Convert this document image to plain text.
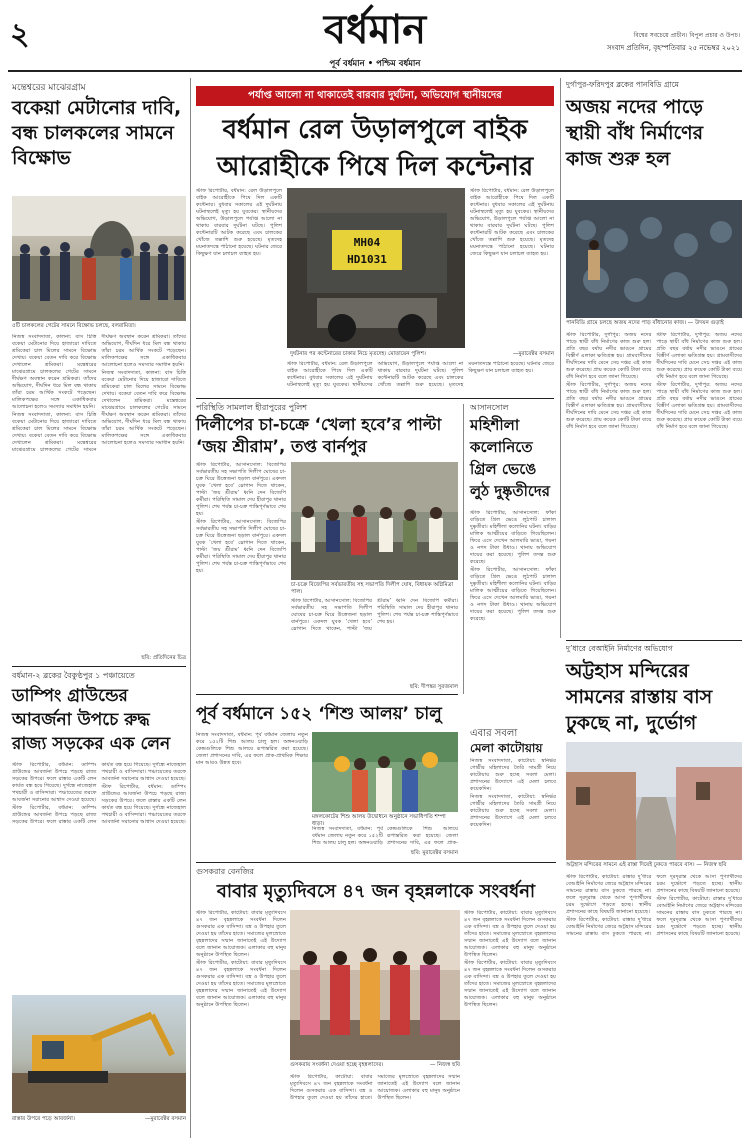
২	বর্ধমান
পূর্ব বর্ধমান • পশ্চিম বর্ধমান
বিশ্বের সবচেয়ে প্রাচীন। বিপুল প্রচার ও উপচ।
সংবাদ প্রতিদিন, বৃহস্পতিবার ২৫ নভেম্বর ২০২১
মন্তেশ্বরের মাঝেরগ্রাম
বকেয়া মেটানোর দাবি, বন্ধ চালকলের সামনে বিক্ষোভ
৫টি চালকলের গেটের সামনে বিক্ষোভ চলছে, বলরামিতা।

নিজস্ব সংবাদদাতা, কালনা: বাস চিত্তি বকেয়া মেটানোর দিয়ে হাজারো দাবিতে শ্রমিকেরা চাল মিলের সামনে বিক্ষোভ দেখায়। বকেয়া বেতন দাবি করে বিক্ষোভ দেখালেন শ্রমিকরা। মন্তেশ্বরের মাঝেরগ্রামে চালকলের গেটের সামনে দীর্ঘক্ষণ অবস্থান করেন শ্রমিকরা। তাঁদের অভিযোগ, দীর্ঘদিন ধরে মিল বন্ধ থাকায় তাঁরা চরম আর্থিক সংকটে পড়েছেন। মালিকপক্ষের সঙ্গে একাধিকবার আলোচনা হলেও সমস্যার সমাধান হয়নি।

নিজস্ব সংবাদদাতা, কালনা: বাস চিত্তি বকেয়া মেটানোর দিয়ে হাজারো দাবিতে শ্রমিকেরা চাল মিলের সামনে বিক্ষোভ দেখায়। বকেয়া বেতন দাবি করে বিক্ষোভ দেখালেন শ্রমিকরা। মন্তেশ্বরের মাঝেরগ্রামে চালকলের গেটের সামনে দীর্ঘক্ষণ অবস্থান করেন শ্রমিকরা। তাঁদের অভিযোগ, দীর্ঘদিন ধরে মিল বন্ধ থাকায় তাঁরা চরম আর্থিক সংকটে পড়েছেন। মালিকপক্ষের সঙ্গে একাধিকবার আলোচনা হলেও সমস্যার সমাধান হয়নি।

নিজস্ব সংবাদদাতা, কালনা: বাস চিত্তি বকেয়া মেটানোর দিয়ে হাজারো দাবিতে শ্রমিকেরা চাল মিলের সামনে বিক্ষোভ দেখায়। বকেয়া বেতন দাবি করে বিক্ষোভ দেখালেন শ্রমিকরা। মন্তেশ্বরের মাঝেরগ্রামে চালকলের গেটের সামনে দীর্ঘক্ষণ অবস্থান করেন শ্রমিকরা। তাঁদের অভিযোগ, দীর্ঘদিন ধরে মিল বন্ধ থাকায় তাঁরা চরম আর্থিক সংকটে পড়েছেন। মালিকপক্ষের সঙ্গে একাধিকবার আলোচনা হলেও সমস্যার সমাধান হয়নি।

ছবি: প্রতিদিনের চিত্র
বর্ধমান-২ ব্লকের বৈকুণ্ঠপুর ১ পঞ্চায়েতে
ডাম্পিং গ্রাউন্ডের আবর্জনা উপচে রুদ্ধ রাজ্য সড়কের এক লেন

স্টাফ রিপোর্টার, বর্ধমান: ডাম্পিং গ্রাউন্ডের আবর্জনা উপচে পড়ছে রাজ্য সড়কের উপরে। ফলে রাস্তার একটি লেন কার্যত বন্ধ হয়ে গিয়েছে। দুর্গন্ধে নাজেহাল পথচারী ও বাসিন্দারা। পঞ্চায়েতের তরফে আবর্জনা সরানোর আশ্বাস দেওয়া হয়েছে।

স্টাফ রিপোর্টার, বর্ধমান: ডাম্পিং গ্রাউন্ডের আবর্জনা উপচে পড়ছে রাজ্য সড়কের উপরে। ফলে রাস্তার একটি লেন কার্যত বন্ধ হয়ে গিয়েছে। দুর্গন্ধে নাজেহাল পথচারী ও বাসিন্দারা। পঞ্চায়েতের তরফে আবর্জনা সরানোর আশ্বাস দেওয়া হয়েছে।

স্টাফ রিপোর্টার, বর্ধমান: ডাম্পিং গ্রাউন্ডের আবর্জনা উপচে পড়ছে রাজ্য সড়কের উপরে। ফলে রাস্তার একটি লেন কার্যত বন্ধ হয়ে গিয়েছে। দুর্গন্ধে নাজেহাল পথচারী ও বাসিন্দারা। পঞ্চায়েতের তরফে আবর্জনা সরানোর আশ্বাস দেওয়া হয়েছে।

রাস্তার উপরে পড়ে আবর্জনা।	—মুরারেক্টর বসমান
পর্যাপ্ত আলো না থাকাতেই বারবার দুর্ঘটনা, অভিযোগ স্থানীয়দের
বর্ধমান রেল উড়ালপুলে বাইক আরোহীকে পিষে দিল কন্টেনার

স্টাফ রিপোর্টার, বর্ধমান: রেল উড়ালপুলে বাইক আরোহীকে পিষে দিল একটি কন্টেনার। বুধবার সকালের এই দুর্ঘটনায় ঘটনাস্থলেই মৃত্যু হয় যুবকের। স্থানীয়দের অভিযোগ, উড়ালপুলে পর্যাপ্ত আলো না থাকায় বারবার দুর্ঘটনা ঘটছে। পুলিশ কন্টেনারটি আটক করেছে এবং চালকের খোঁজে তল্লাশি শুরু হয়েছে। মৃতদেহ ময়নাতদন্তে পাঠানো হয়েছে। ঘটনার জেরে কিছুক্ষণ যান চলাচল ব্যাহত হয়।

MH04
HD1031

স্টাফ রিপোর্টার, বর্ধমান: রেল উড়ালপুলে বাইক আরোহীকে পিষে দিল একটি কন্টেনার। বুধবার সকালের এই দুর্ঘটনায় ঘটনাস্থলেই মৃত্যু হয় যুবকের। স্থানীয়দের অভিযোগ, উড়ালপুলে পর্যাপ্ত আলো না থাকায় বারবার দুর্ঘটনা ঘটছে। পুলিশ কন্টেনারটি আটক করেছে এবং চালকের খোঁজে তল্লাশি শুরু হয়েছে। মৃতদেহ ময়নাতদন্তে পাঠানো হয়েছে। ঘটনার জেরে কিছুক্ষণ যান চলাচল ব্যাহত হয়।

দুর্ঘটনার পর কন্টেনারের চাকার নিচে মৃতদেহ। মোতায়েন পুলিশ।	—মুরারেক্টর বসমান

স্টাফ রিপোর্টার, বর্ধমান: রেল উড়ালপুলে বাইক আরোহীকে পিষে দিল একটি কন্টেনার। বুধবার সকালের এই দুর্ঘটনায় ঘটনাস্থলেই মৃত্যু হয় যুবকের। স্থানীয়দের অভিযোগ, উড়ালপুলে পর্যাপ্ত আলো না থাকায় বারবার দুর্ঘটনা ঘটছে। পুলিশ কন্টেনারটি আটক করেছে এবং চালকের খোঁজে তল্লাশি শুরু হয়েছে। মৃতদেহ ময়নাতদন্তে পাঠানো হয়েছে। ঘটনার জেরে কিছুক্ষণ যান চলাচল ব্যাহত হয়।

পরিস্থিতি সামলাল হীরাপুরের পুলিশ
দিলীপের চা-চক্রে ‘খেলা হবে’র পাল্টা ‘জয় শ্রীরাম’, তপ্ত বার্নপুর

স্টাফ রিপোর্টার, আসানসোল: বিজেপির সর্বভারতীয় সহ সভাপতি দিলীপ ঘোষের চা-চক্র ঘিরে উত্তেজনা ছড়াল বার্নপুরে। একদল যুবক ‘খেলা হবে’ স্লোগান দিতে থাকেন, পাল্টা ‘জয় শ্রীরাম’ ধ্বনি দেন বিজেপি কর্মীরা। পরিস্থিতি সামাল দেয় হীরাপুর থানার পুলিশ। শেষ পর্যন্ত চা-চক্র শান্তিপূর্ণভাবে শেষ হয়।

স্টাফ রিপোর্টার, আসানসোল: বিজেপির সর্বভারতীয় সহ সভাপতি দিলীপ ঘোষের চা-চক্র ঘিরে উত্তেজনা ছড়াল বার্নপুরে। একদল যুবক ‘খেলা হবে’ স্লোগান দিতে থাকেন, পাল্টা ‘জয় শ্রীরাম’ ধ্বনি দেন বিজেপি কর্মীরা। পরিস্থিতি সামাল দেয় হীরাপুর থানার পুলিশ। শেষ পর্যন্ত চা-চক্র শান্তিপূর্ণভাবে শেষ হয়।

চা-চক্রে বিজেপির সর্বভারতীয় সহ সভাপতি দিলীপ ঘোষ, বিধায়ক অগ্নিমিত্রা পাল।

স্টাফ রিপোর্টার, আসানসোল: বিজেপির সর্বভারতীয় সহ সভাপতি দিলীপ ঘোষের চা-চক্র ঘিরে উত্তেজনা ছড়াল বার্নপুরে। একদল যুবক ‘খেলা হবে’ স্লোগান দিতে থাকেন, পাল্টা ‘জয় শ্রীরাম’ ধ্বনি দেন বিজেপি কর্মীরা। পরিস্থিতি সামাল দেয় হীরাপুর থানার পুলিশ। শেষ পর্যন্ত চা-চক্র শান্তিপূর্ণভাবে শেষ হয়।

ছবি: দীপঙ্কর সুরজমাল
আসানসোল
মহিশীলা কলোনিতে গ্রিল ভেঙে লুঠ দুষ্কৃতীদের

স্টাফ রিপোর্টার, আসানসোল: ফাঁকা বাড়িতে গ্রিল ভেঙে লুঠপাট চালাল দুষ্কৃতীরা। মহিশীলা কলোনির ঘটনা। বাড়ির মালিক আত্মীয়ের বাড়িতে গিয়েছিলেন। ফিরে এসে দেখেন আলমারি ভাঙা, গয়না ও নগদ টাকা উধাও। থানায় অভিযোগ দায়ের করা হয়েছে। পুলিশ তদন্ত শুরু করেছে।

স্টাফ রিপোর্টার, আসানসোল: ফাঁকা বাড়িতে গ্রিল ভেঙে লুঠপাট চালাল দুষ্কৃতীরা। মহিশীলা কলোনির ঘটনা। বাড়ির মালিক আত্মীয়ের বাড়িতে গিয়েছিলেন। ফিরে এসে দেখেন আলমারি ভাঙা, গয়না ও নগদ টাকা উধাও। থানায় অভিযোগ দায়ের করা হয়েছে। পুলিশ তদন্ত শুরু করেছে।

পূর্ব বর্ধমানে ১৫২ ‘শিশু আলয়’ চালু

নিজস্ব সংবাদদাতা, বর্ধমান: পূর্ব বর্ধমান জেলায় নতুন করে ১৫২টি শিশু আলয় চালু হল। অঙ্গনওয়াড়ি কেন্দ্রগুলিকে শিশু আলয়ে রূপান্তরিত করা হয়েছে। জেলা প্রশাসনের দাবি, এর ফলে প্রাক-প্রাথমিক শিক্ষার মান আরও উন্নত হবে।

মঙ্গলকোটের শিশু আলয় উদ্বোধনে অনুষ্ঠানে সভাধিপতি শম্পা ধাড়া।

নিজস্ব সংবাদদাতা, বর্ধমান: পূর্ব বর্ধমান জেলায় নতুন করে ১৫২টি শিশু আলয় চালু হল। অঙ্গনওয়াড়ি কেন্দ্রগুলিকে শিশু আলয়ে রূপান্তরিত করা হয়েছে। জেলা প্রশাসনের দাবি, এর ফলে প্রাক-

ছবি: মুরারেক্টর বসমান
এবার সবলা
মেলা কাটোয়ায়

নিজস্ব সংবাদদাতা, কাটোয়া: স্বনির্ভর গোষ্ঠীর মহিলাদের তৈরি সামগ্রী নিয়ে কাটোয়ায় শুরু হচ্ছে সবলা মেলা। প্রশাসনের উদ্যোগে এই মেলা চলবে কয়েকদিন।

নিজস্ব সংবাদদাতা, কাটোয়া: স্বনির্ভর গোষ্ঠীর মহিলাদের তৈরি সামগ্রী নিয়ে কাটোয়ায় শুরু হচ্ছে সবলা মেলা। প্রশাসনের উদ্যোগে এই মেলা চলবে কয়েকদিন।

দুর্গাপুর-ফরিদপুর ব্লকের পানবিডি গ্রামে
অজয় নদের পাড়ে স্থায়ী বাঁধ নির্মাণের কাজ শুরু হল
পানবিডি গ্রামে চলছে অজয় নদের পাড় বাঁধানোর কাজ। — উদয়ন গুড়াই

স্টাফ রিপোর্টার, দুর্গাপুর: অজয় নদের পাড়ে স্থায়ী বাঁধ নির্মাণের কাজ শুরু হল। প্রতি বছর বর্ষায় নদীর ভাঙনে গ্রামের বিস্তীর্ণ এলাকা ক্ষতিগ্রস্ত হয়। গ্রামবাসীদের দীর্ঘদিনের দাবি মেনে সেচ দপ্তর এই কাজ শুরু করেছে। প্রায় কয়েক কোটি টাকা ব্যয়ে বাঁধ নির্মাণ হবে বলে জানা গিয়েছে।

স্টাফ রিপোর্টার, দুর্গাপুর: অজয় নদের পাড়ে স্থায়ী বাঁধ নির্মাণের কাজ শুরু হল। প্রতি বছর বর্ষায় নদীর ভাঙনে গ্রামের বিস্তীর্ণ এলাকা ক্ষতিগ্রস্ত হয়। গ্রামবাসীদের দীর্ঘদিনের দাবি মেনে সেচ দপ্তর এই কাজ শুরু করেছে। প্রায় কয়েক কোটি টাকা ব্যয়ে বাঁধ নির্মাণ হবে বলে জানা গিয়েছে।

স্টাফ রিপোর্টার, দুর্গাপুর: অজয় নদের পাড়ে স্থায়ী বাঁধ নির্মাণের কাজ শুরু হল। প্রতি বছর বর্ষায় নদীর ভাঙনে গ্রামের বিস্তীর্ণ এলাকা ক্ষতিগ্রস্ত হয়। গ্রামবাসীদের দীর্ঘদিনের দাবি মেনে সেচ দপ্তর এই কাজ শুরু করেছে। প্রায় কয়েক কোটি টাকা ব্যয়ে বাঁধ নির্মাণ হবে বলে জানা গিয়েছে।

স্টাফ রিপোর্টার, দুর্গাপুর: অজয় নদের পাড়ে স্থায়ী বাঁধ নির্মাণের কাজ শুরু হল। প্রতি বছর বর্ষায় নদীর ভাঙনে গ্রামের বিস্তীর্ণ এলাকা ক্ষতিগ্রস্ত হয়। গ্রামবাসীদের দীর্ঘদিনের দাবি মেনে সেচ দপ্তর এই কাজ শুরু করেছে। প্রায় কয়েক কোটি টাকা ব্যয়ে বাঁধ নির্মাণ হবে বলে জানা গিয়েছে।

দু’ধারে বেআইনি নির্মাণের অভিযোগ
অট্টহাস মন্দিরের সামনের রাস্তায় বাস ঢুকছে না, দুর্ভোগ
অট্টহাস মন্দিরের সামনে এই রাস্তা দিয়েই ঢুকতে পারবে বাস। — নিজস্ব ছবি

স্টাফ রিপোর্টার, কাটোয়া: রাস্তার দু’ধারে বেআইনি নির্মাণের জেরে অট্টহাস মন্দিরের সামনের রাস্তায় বাস ঢুকতে পারছে না। ফলে দূরদূরান্ত থেকে আসা পুণ্যার্থীদের চরম দুর্ভোগে পড়তে হচ্ছে। স্থানীয় প্রশাসনের কাছে বিষয়টি জানানো হয়েছে।

স্টাফ রিপোর্টার, কাটোয়া: রাস্তার দু’ধারে বেআইনি নির্মাণের জেরে অট্টহাস মন্দিরের সামনের রাস্তায় বাস ঢুকতে পারছে না। ফলে দূরদূরান্ত থেকে আসা পুণ্যার্থীদের চরম দুর্ভোগে পড়তে হচ্ছে। স্থানীয় প্রশাসনের কাছে বিষয়টি জানানো হয়েছে।

স্টাফ রিপোর্টার, কাটোয়া: রাস্তার দু’ধারে বেআইনি নির্মাণের জেরে অট্টহাস মন্দিরের সামনের রাস্তায় বাস ঢুকতে পারছে না। ফলে দূরদূরান্ত থেকে আসা পুণ্যার্থীদের চরম দুর্ভোগে পড়তে হচ্ছে। স্থানীয় প্রশাসনের কাছে বিষয়টি জানানো হয়েছে।

গুসকরার বেনজির
বাবার মৃত্যুদিবসে ৪৭ জন বৃহন্নলাকে সংবর্ধনা

স্টাফ রিপোর্টার, কাটোয়া: বাবার মৃত্যুদিবসে ৪৭ জন বৃহন্নলাকে সংবর্ধনা দিলেন গুসকরার এক বাসিন্দা। বস্ত্র ও উপহার তুলে দেওয়া হয় তাঁদের হাতে। সমাজের মূলস্রোতে বৃহন্নলাদের সম্মান জানাতেই এই উদ্যোগ বলে জানান আয়োজক। এলাকার বহু মানুষ অনুষ্ঠানে উপস্থিত ছিলেন।

স্টাফ রিপোর্টার, কাটোয়া: বাবার মৃত্যুদিবসে ৪৭ জন বৃহন্নলাকে সংবর্ধনা দিলেন গুসকরার এক বাসিন্দা। বস্ত্র ও উপহার তুলে দেওয়া হয় তাঁদের হাতে। সমাজের মূলস্রোতে বৃহন্নলাদের সম্মান জানাতেই এই উদ্যোগ বলে জানান আয়োজক। এলাকার বহু মানুষ অনুষ্ঠানে উপস্থিত ছিলেন।

গুসকরায় সংবর্ধনা দেওয়া হচ্ছে বৃহন্নলাদের।	— নিজস্ব ছবি

স্টাফ রিপোর্টার, কাটোয়া: বাবার মৃত্যুদিবসে ৪৭ জন বৃহন্নলাকে সংবর্ধনা দিলেন গুসকরার এক বাসিন্দা। বস্ত্র ও উপহার তুলে দেওয়া হয় তাঁদের হাতে। সমাজের মূলস্রোতে বৃহন্নলাদের সম্মান জানাতেই এই উদ্যোগ বলে জানান আয়োজক। এলাকার বহু মানুষ অনুষ্ঠানে উপস্থিত ছিলেন।

স্টাফ রিপোর্টার, কাটোয়া: বাবার মৃত্যুদিবসে ৪৭ জন বৃহন্নলাকে সংবর্ধনা দিলেন গুসকরার এক বাসিন্দা। বস্ত্র ও উপহার তুলে দেওয়া হয় তাঁদের হাতে। সমাজের মূলস্রোতে বৃহন্নলাদের সম্মান জানাতেই এই উদ্যোগ বলে জানান আয়োজক। এলাকার বহু মানুষ অনুষ্ঠানে উপস্থিত ছিলেন।

স্টাফ রিপোর্টার, কাটোয়া: বাবার মৃত্যুদিবসে ৪৭ জন বৃহন্নলাকে সংবর্ধনা দিলেন গুসকরার এক বাসিন্দা। বস্ত্র ও উপহার তুলে দেওয়া হয় তাঁদের হাতে। সমাজের মূলস্রোতে বৃহন্নলাদের সম্মান জানাতেই এই উদ্যোগ বলে জানান আয়োজক। এলাকার বহু মানুষ অনুষ্ঠানে উপস্থিত ছিলেন।
